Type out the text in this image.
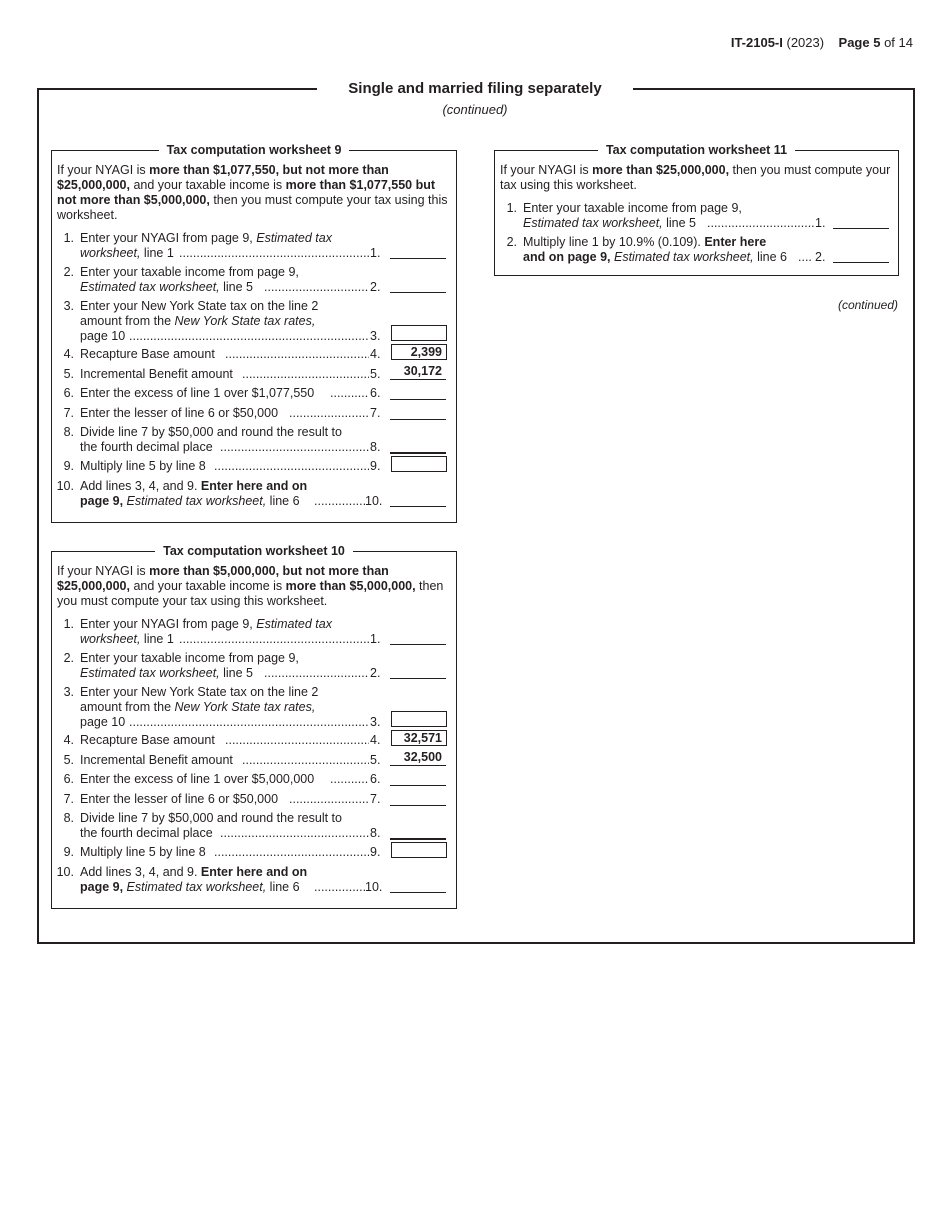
IT-2105-I (2023) Page 5 of 14
Single and married filing separately
(continued)
Tax computation worksheet 9
If your NYAGI is more than $1,077,550, but not more than $25,000,000, and your taxable income is more than $1,077,550 but not more than $5,000,000, then you must compute your tax using this worksheet.
1. Enter your NYAGI from page 9, Estimated tax
worksheet, line 1 .....	1.
2. Enter your taxable income from page 9,
Estimated tax worksheet, line 5 .....	2.
3. Enter your New York State tax on the line 2
amount from the New York State tax rates,
page 10 .....	3.
4. Recapture Base amount .....	4.	2,399
5. Incremental Benefit amount .....	5.	30,172
6. Enter the excess of line 1 over $1,077,550 .....	6.
7. Enter the lesser of line 6 or $50,000 .....	7.
8. Divide line 7 by $50,000 and round the result to
the fourth decimal place .....	8.
9. Multiply line 5 by line 8 .....	9.
10. Add lines 3, 4, and 9. Enter here and on
page 9, Estimated tax worksheet, line 6 .....	10.
Tax computation worksheet 10
If your NYAGI is more than $5,000,000, but not more than $25,000,000, and your taxable income is more than $5,000,000, then you must compute your tax using this worksheet.
1. Enter your NYAGI from page 9, Estimated tax
worksheet, line 1 .....	1.
2. Enter your taxable income from page 9,
Estimated tax worksheet, line 5 .....	2.
3. Enter your New York State tax on the line 2
amount from the New York State tax rates,
page 10 .....	3.
4. Recapture Base amount .....	4.	32,571
5. Incremental Benefit amount .....	5.	32,500
6. Enter the excess of line 1 over $5,000,000 .....	6.
7. Enter the lesser of line 6 or $50,000 .....	7.
8. Divide line 7 by $50,000 and round the result to
the fourth decimal place .....	8.
9. Multiply line 5 by line 8 .....	9.
10. Add lines 3, 4, and 9. Enter here and on
page 9, Estimated tax worksheet, line 6 .....	10.
Tax computation worksheet 11
If your NYAGI is more than $25,000,000, then you must compute your tax using this worksheet.
1. Enter your taxable income from page 9,
Estimated tax worksheet, line 5 .....	1.
2. Multiply line 1 by 10.9% (0.109). Enter here
and on page 9, Estimated tax worksheet, line 6 ..... 2.
(continued)
